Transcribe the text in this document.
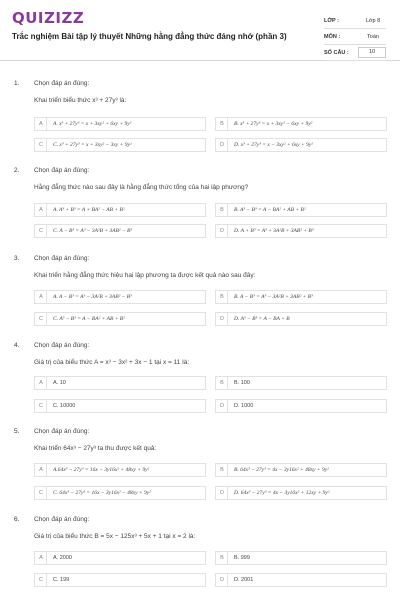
QUIZIZZ
Trắc nghiệm Bài tập lý thuyết Những hằng đẳng thức đáng nhớ (phần 3)
LỚP :	Lớp 8
MÔN :	Toán
SỐ CÂU :	10
1. Chọn đáp án đúng:
Khai triển biểu thức x³ + 27y³ là:
A	A. x³ + 27y³ = x + 3xy² + 6xy + 9y²	B	B. x³ + 27y³ = x + 3xy² − 6xy + 9y²
C	C. x³ + 27y³ = x + 3xy² − 3xy + 9y²	D	D. x³ + 27y³ = x − 3xy² + 6xy + 9y²
2. Chọn đáp án đúng:
Hằng đẳng thức nào sau đây là hằng đẳng thức tổng của hai lập phương?
A	A. A³ + B³ = A + BA² − AB + B²	B	B. A³ − B³ = A − BA² + AB + B²
C	C. A − B³ = A³ − 3A²B + 3AB² − B³	D	D. A + B³ = A³ + 3A²B + 3AB² + B³
3. Chọn đáp án đúng:
Khai triển hằng đẳng thức hiệu hai lập phương ta được kết quả nào sau đây:
A	A. A − B³ = A³ − 3A²B + 3AB² − B³	B	B. A − B³ = A³ − 3A²B + 3AB² + B³
C	C. A³ − B³ = A − BA² + AB + B²	D	D. A³ − B³ = A − BA + B
4. Chọn đáp án đúng:
Giá trị của biểu thức A = x³ − 3x² + 3x − 1 tại x = 11 là:
A	A. 10	B	B. 100
C	C. 10000	D	D. 1000
5. Chọn đáp án đúng:
Khai triển 64x³ − 27y³ ta thu được kết quả:
A	A.64x³ − 27y³ = 16x − 3y16x² + 48xy + 9y²	B	B. 64x³ − 27y³ = 4x − 3y16x² + 48xy + 9y²
C	C. 64x³ − 27y³ = 16x − 3y16x² − 48xy + 9y²	D	D. 64x³ − 27y³ = 4x − 3y16x² + 12xy + 9y²
6. Chọn đáp án đúng:
Giá trị của biểu thức B = 5x − 125x³ + 5x + 1 tại x = 2 là:
A	A. 2000	B	B. 999
C	C. 199	D	D. 2001
